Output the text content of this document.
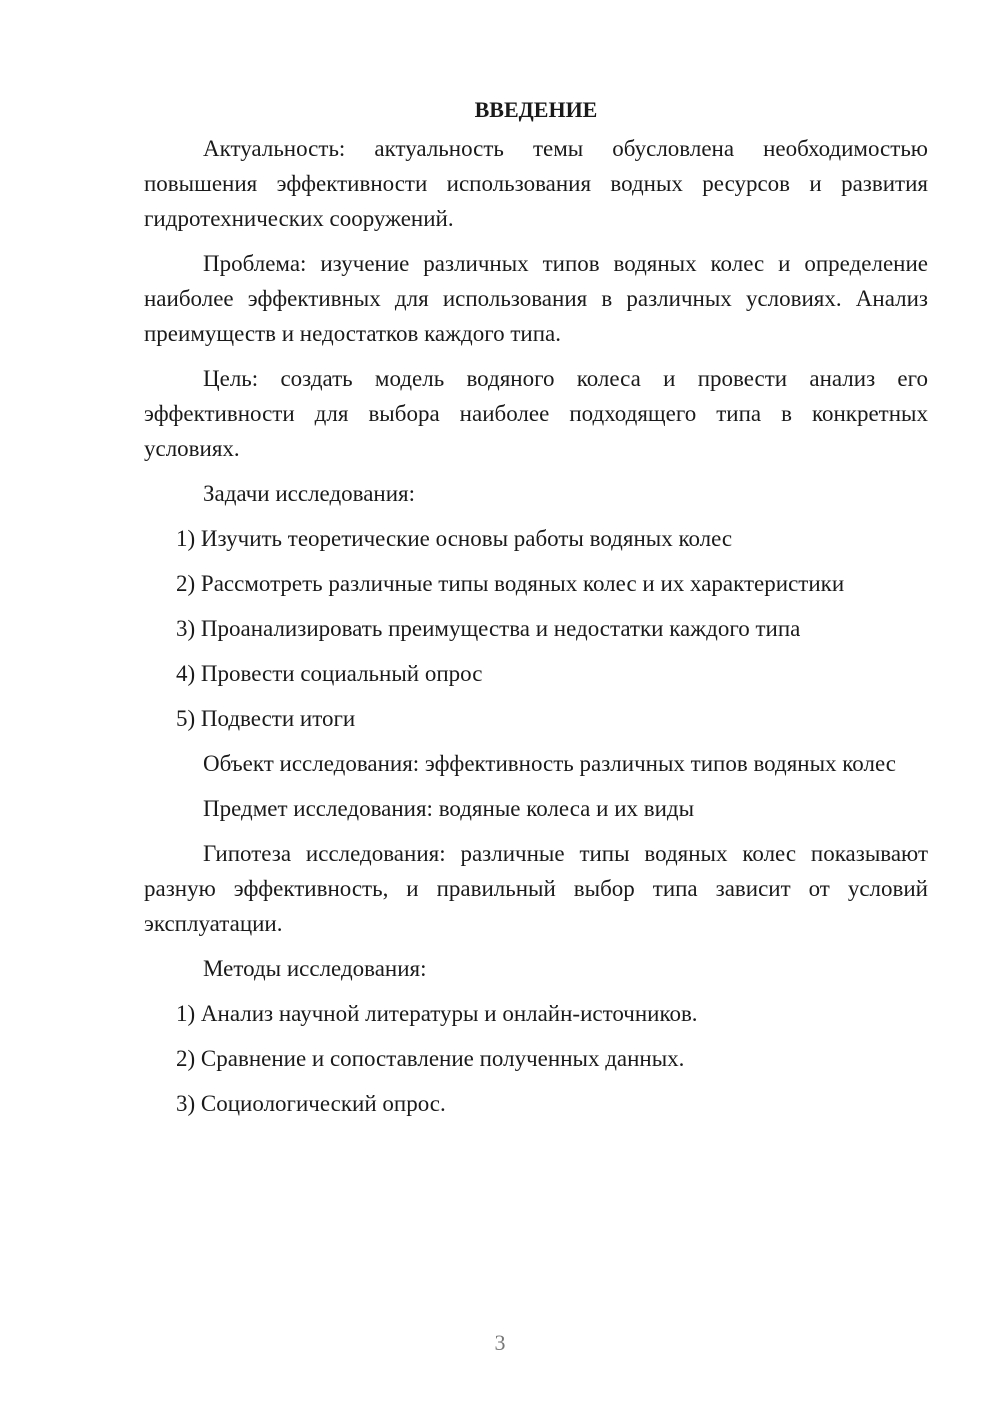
ВВЕДЕНИЕ

Актуальность: актуальность темы обусловлена необходимостью повышения эффективности использования водных ресурсов и развития гидротехнических сооружений.

Проблема: изучение различных типов водяных колес и определение наиболее эффективных для использования в различных условиях. Анализ преимуществ и недостатков каждого типа.

Цель: создать модель водяного колеса и провести анализ его эффективности для выбора наиболее подходящего типа в конкретных условиях.

Задачи исследования:

1) Изучить теоретические основы работы водяных колес
2) Рассмотреть различные типы водяных колес и их характеристики
3) Проанализировать преимущества и недостатки каждого типа
4) Провести социальный опрос
5) Подвести итоги

Объект исследования: эффективность различных типов водяных колес

Предмет исследования: водяные колеса и их виды

Гипотеза исследования: различные типы водяных колес показывают разную эффективность, и правильный выбор типа зависит от условий эксплуатации.

Методы исследования:

1) Анализ научной литературы и онлайн-источников.
2) Сравнение и сопоставление полученных данных.
3) Социологический опрос.
3
